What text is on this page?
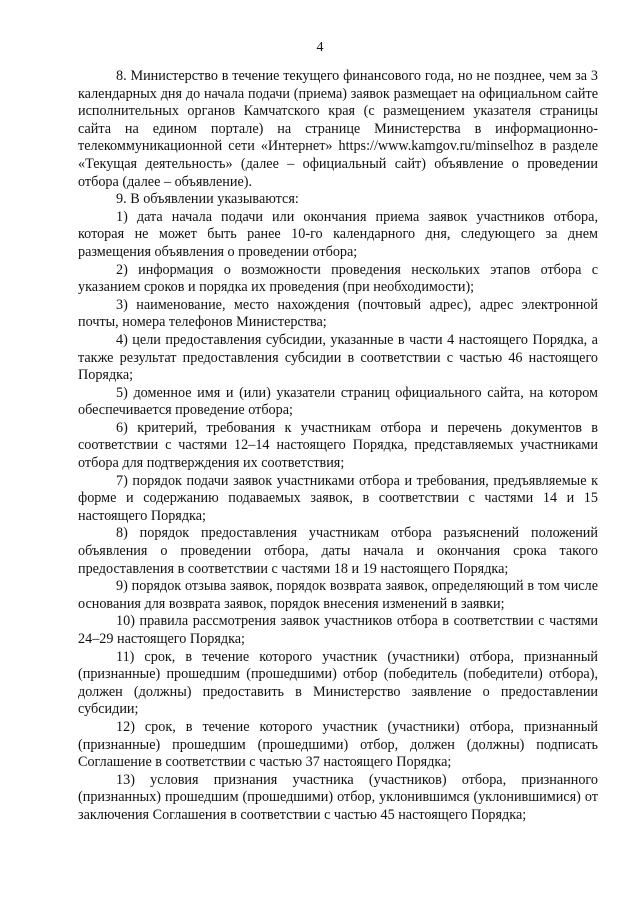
4

8. Министерство в течение текущего финансового года, но не позднее, чем за 3 календарных дня до начала подачи (приема) заявок размещает на официальном сайте исполнительных органов Камчатского края (с размещением указателя страницы сайта на едином портале) на странице Министерства в информационно-телекоммуникационной сети «Интернет» https://www.kamgov.ru/minselhoz в разделе «Текущая деятельность» (далее – официальный сайт) объявление о проведении отбора (далее – объявление).

9. В объявлении указываются:

1) дата начала подачи или окончания приема заявок участников отбора, которая не может быть ранее 10-го календарного дня, следующего за днем размещения объявления о проведении отбора;

2) информация о возможности проведения нескольких этапов отбора с указанием сроков и порядка их проведения (при необходимости);

3) наименование, место нахождения (почтовый адрес), адрес электронной почты, номера телефонов Министерства;

4) цели предоставления субсидии, указанные в части 4 настоящего Порядка, а также результат предоставления субсидии в соответствии с частью 46 настоящего Порядка;

5) доменное имя и (или) указатели страниц официального сайта, на котором обеспечивается проведение отбора;

6) критерий, требования к участникам отбора и перечень документов в соответствии с частями 12–14 настоящего Порядка, представляемых участниками отбора для подтверждения их соответствия;

7) порядок подачи заявок участниками отбора и требования, предъявляемые к форме и содержанию подаваемых заявок, в соответствии с частями 14 и 15 настоящего Порядка;

8) порядок предоставления участникам отбора разъяснений положений объявления о проведении отбора, даты начала и окончания срока такого предоставления в соответствии с частями 18 и 19 настоящего Порядка;

9) порядок отзыва заявок, порядок возврата заявок, определяющий в том числе основания для возврата заявок, порядок внесения изменений в заявки;

10) правила рассмотрения заявок участников отбора в соответствии с частями 24–29 настоящего Порядка;

11) срок, в течение которого участник (участники) отбора, признанный (признанные) прошедшим (прошедшими) отбор (победитель (победители) отбора), должен (должны) предоставить в Министерство заявление о предоставлении субсидии;

12) срок, в течение которого участник (участники) отбора, признанный (признанные) прошедшим (прошедшими) отбор, должен (должны) подписать Соглашение в соответствии с частью 37 настоящего Порядка;

13) условия признания участника (участников) отбора, признанного (признанных) прошедшим (прошедшими) отбор, уклонившимся (уклонившимися) от заключения Соглашения в соответствии с частью 45 настоящего Порядка;
